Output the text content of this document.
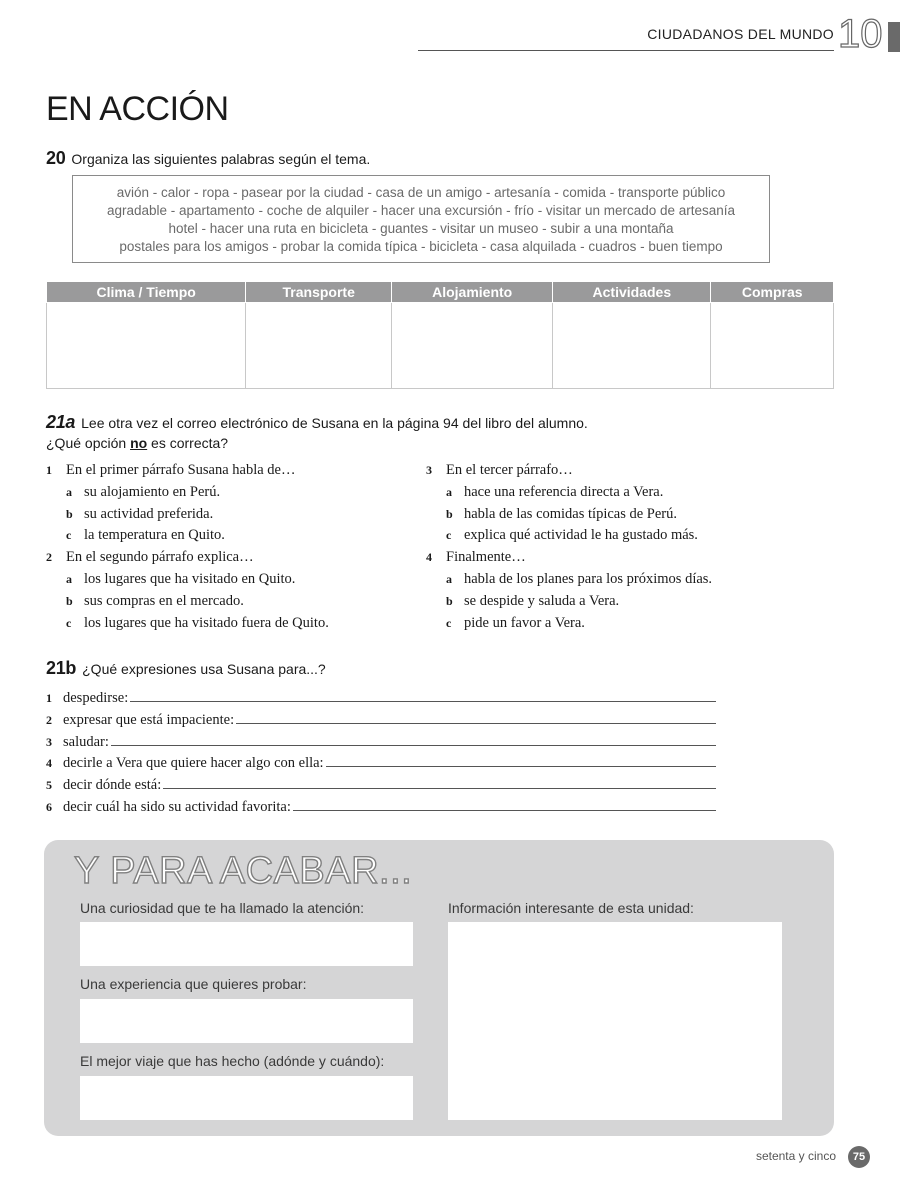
CIUDADANOS DEL MUNDO 10
EN ACCIÓN
20 Organiza las siguientes palabras según el tema.
avión - calor - ropa - pasear por la ciudad - casa de un amigo - artesanía - comida - transporte público
agradable - apartamento - coche de alquiler - hacer una excursión - frío - visitar un mercado de artesanía
hotel - hacer una ruta en bicicleta - guantes - visitar un museo - subir a una montaña
postales para los amigos - probar la comida típica - bicicleta - casa alquilada - cuadros - buen tiempo
Clima / Tiempo	Transporte	Alojamiento	Actividades	Compras

21a Lee otra vez el correo electrónico de Susana en la página 94 del libro del alumno.
¿Qué opción no es correcta?
1 En el primer párrafo Susana habla de…
a su alojamiento en Perú.
b su actividad preferida.
c la temperatura en Quito.
2 En el segundo párrafo explica…
a los lugares que ha visitado en Quito.
b sus compras en el mercado.
c los lugares que ha visitado fuera de Quito.
3 En el tercer párrafo…
a hace una referencia directa a Vera.
b habla de las comidas típicas de Perú.
c explica qué actividad le ha gustado más.
4 Finalmente…
a habla de los planes para los próximos días.
b se despide y saluda a Vera.
c pide un favor a Vera.
21b ¿Qué expresiones usa Susana para...?
1 despedirse:
2 expresar que está impaciente:
3 saludar:
4 decirle a Vera que quiere hacer algo con ella:
5 decir dónde está:
6 decir cuál ha sido su actividad favorita:
Y PARA ACABAR...
Una curiosidad que te ha llamado la atención:
Una experiencia que quieres probar:
El mejor viaje que has hecho (adónde y cuándo):
Información interesante de esta unidad:
setenta y cinco	75
